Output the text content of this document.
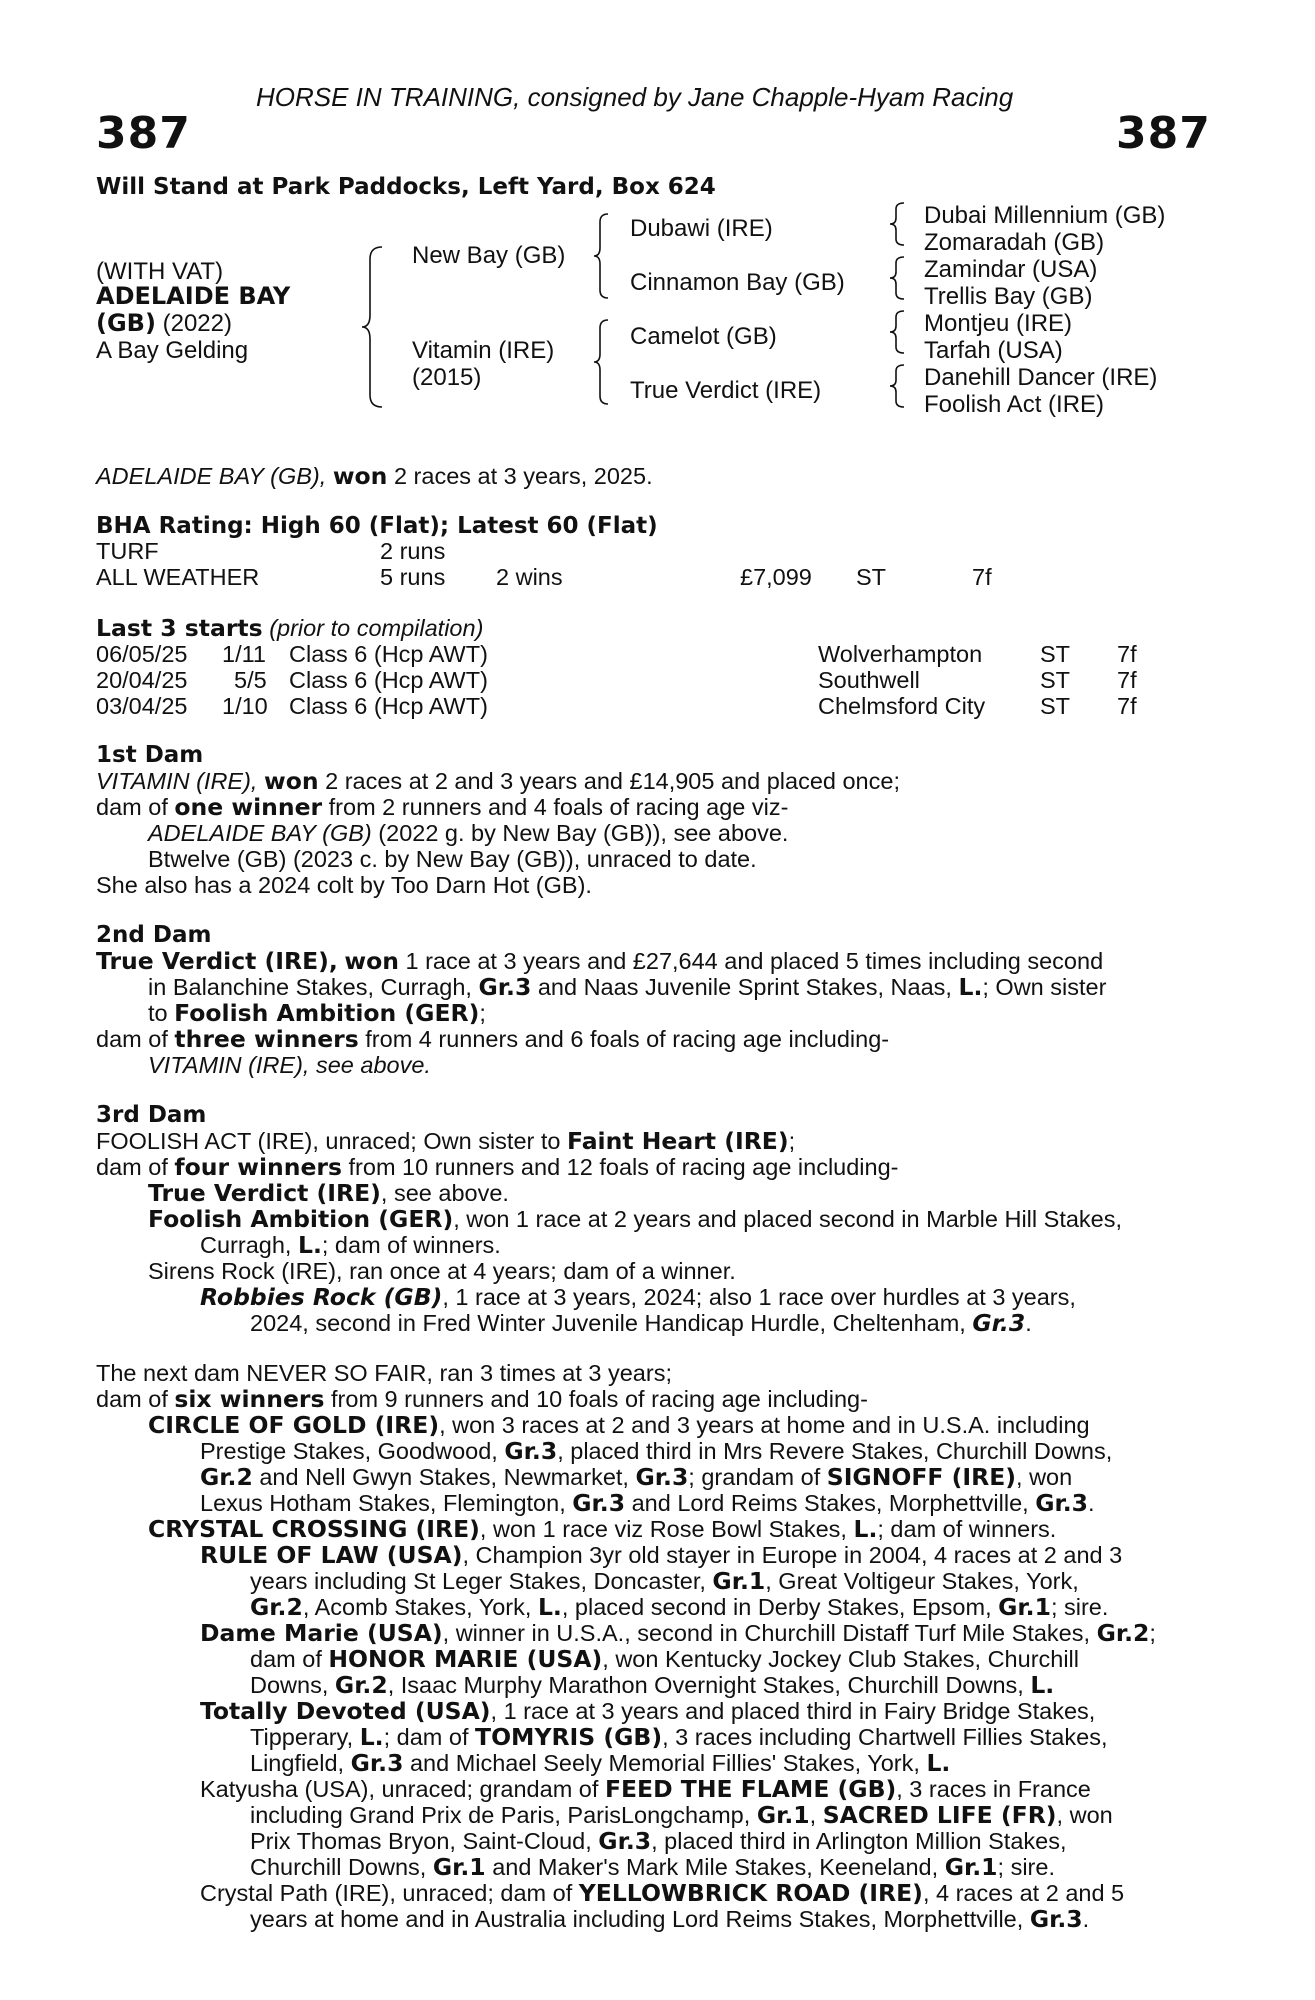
HORSE IN TRAINING, consigned by Jane Chapple-Hyam Racing
387	387
Will Stand at Park Paddocks, Left Yard, Box 624
(WITH VAT)
ADELAIDE BAY
(GB) (2022)
A Bay Gelding
New Bay (GB)
Vitamin (IRE)
(2015)
Dubawi (IRE)
Cinnamon Bay (GB)
Camelot (GB)
True Verdict (IRE)
Dubai Millennium (GB)
Zomaradah (GB)
Zamindar (USA)
Trellis Bay (GB)
Montjeu (IRE)
Tarfah (USA)
Danehill Dancer (IRE)
Foolish Act (IRE)
ADELAIDE BAY (GB), won 2 races at 3 years, 2025.
BHA Rating: High 60 (Flat); Latest 60 (Flat)
TURF	2 runs
ALL WEATHER	5 runs 2 wins	£7,099 ST	7f
Last 3 starts (prior to compilation)
06/05/25 1/11 Class 6 (Hcp AWT)	Wolverhampton ST 7f
20/04/25 5/5 Class 6 (Hcp AWT)	Southwell	ST 7f
03/04/25 1/10 Class 6 (Hcp AWT)	Chelmsford City ST 7f
1st Dam
VITAMIN (IRE), won 2 races at 2 and 3 years and £14,905 and placed once;
dam of one winner from 2 runners and 4 foals of racing age viz-
ADELAIDE BAY (GB) (2022 g. by New Bay (GB)), see above.
Btwelve (GB) (2023 c. by New Bay (GB)), unraced to date.
She also has a 2024 colt by Too Darn Hot (GB).
2nd Dam
True Verdict (IRE), won 1 race at 3 years and £27,644 and placed 5 times including second
in Balanchine Stakes, Curragh, Gr.3 and Naas Juvenile Sprint Stakes, Naas, L.; Own sister
to Foolish Ambition (GER);
dam of three winners from 4 runners and 6 foals of racing age including-
VITAMIN (IRE), see above.
3rd Dam
FOOLISH ACT (IRE), unraced; Own sister to Faint Heart (IRE);
dam of four winners from 10 runners and 12 foals of racing age including-
True Verdict (IRE), see above.
Foolish Ambition (GER), won 1 race at 2 years and placed second in Marble Hill Stakes,
Curragh, L.; dam of winners.
Sirens Rock (IRE), ran once at 4 years; dam of a winner.
Robbies Rock (GB), 1 race at 3 years, 2024; also 1 race over hurdles at 3 years,
2024, second in Fred Winter Juvenile Handicap Hurdle, Cheltenham, Gr.3.
The next dam NEVER SO FAIR, ran 3 times at 3 years;
dam of six winners from 9 runners and 10 foals of racing age including-
CIRCLE OF GOLD (IRE), won 3 races at 2 and 3 years at home and in U.S.A. including
Prestige Stakes, Goodwood, Gr.3, placed third in Mrs Revere Stakes, Churchill Downs,
Gr.2 and Nell Gwyn Stakes, Newmarket, Gr.3; grandam of SIGNOFF (IRE), won
Lexus Hotham Stakes, Flemington, Gr.3 and Lord Reims Stakes, Morphettville, Gr.3.
CRYSTAL CROSSING (IRE), won 1 race viz Rose Bowl Stakes, L.; dam of winners.
RULE OF LAW (USA), Champion 3yr old stayer in Europe in 2004, 4 races at 2 and 3
years including St Leger Stakes, Doncaster, Gr.1, Great Voltigeur Stakes, York,
Gr.2, Acomb Stakes, York, L., placed second in Derby Stakes, Epsom, Gr.1; sire.
Dame Marie (USA), winner in U.S.A., second in Churchill Distaff Turf Mile Stakes, Gr.2;
dam of HONOR MARIE (USA), won Kentucky Jockey Club Stakes, Churchill
Downs, Gr.2, Isaac Murphy Marathon Overnight Stakes, Churchill Downs, L.
Totally Devoted (USA), 1 race at 3 years and placed third in Fairy Bridge Stakes,
Tipperary, L.; dam of TOMYRIS (GB), 3 races including Chartwell Fillies Stakes,
Lingfield, Gr.3 and Michael Seely Memorial Fillies' Stakes, York, L.
Katyusha (USA), unraced; grandam of FEED THE FLAME (GB), 3 races in France
including Grand Prix de Paris, ParisLongchamp, Gr.1, SACRED LIFE (FR), won
Prix Thomas Bryon, Saint-Cloud, Gr.3, placed third in Arlington Million Stakes,
Churchill Downs, Gr.1 and Maker's Mark Mile Stakes, Keeneland, Gr.1; sire.
Crystal Path (IRE), unraced; dam of YELLOWBRICK ROAD (IRE), 4 races at 2 and 5
years at home and in Australia including Lord Reims Stakes, Morphettville, Gr.3.
